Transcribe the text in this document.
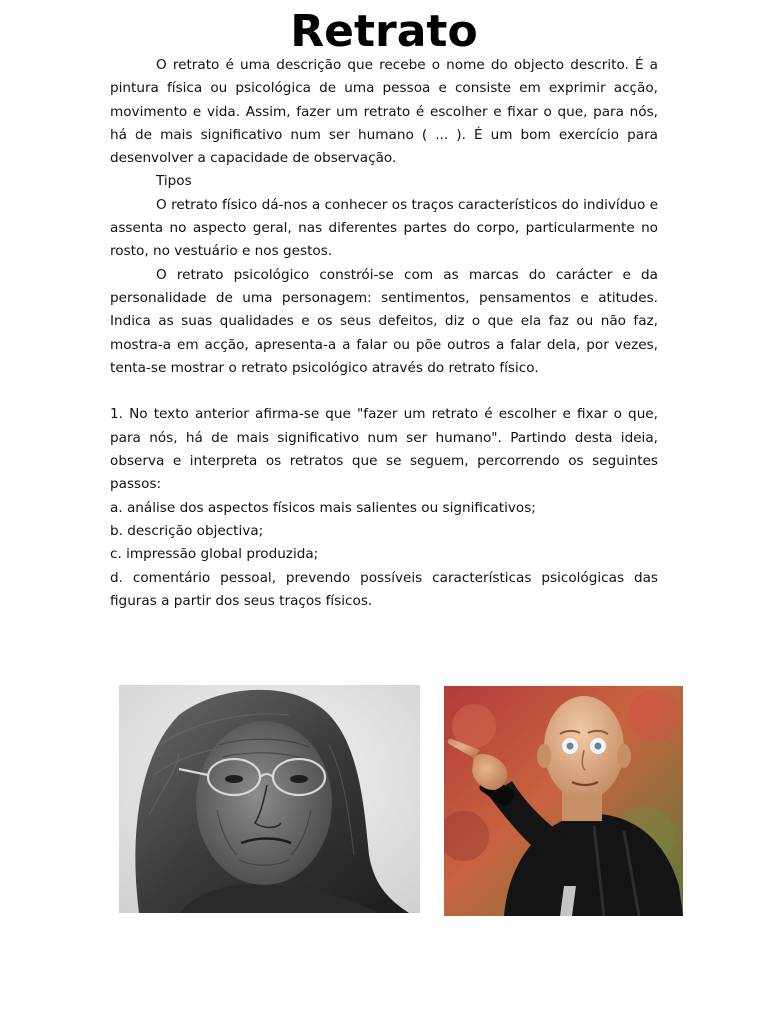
Retrato

O retrato é uma descrição que recebe o nome do objecto descrito. É a pintura física ou psicológica de uma pessoa e consiste em exprimir acção, movimento e vida. Assim, fazer um retrato é escolher e fixar o que, para nós, há de mais significativo num ser humano ( ... ). É um bom exercício para desenvolver a capacidade de observação.

Tipos

O retrato físico dá-nos a conhecer os traços característicos do indivíduo e assenta no aspecto geral, nas diferentes partes do corpo, particularmente no rosto, no vestuário e nos gestos.

O retrato psicológico constrói-se com as marcas do carácter e da personalidade de uma personagem: sentimentos, pensamentos e atitudes. Indica as suas qualidades e os seus defeitos, diz o que ela faz ou não faz, mostra-a em acção, apresenta-a a falar ou põe outros a falar dela, por vezes, tenta-se mostrar o retrato psicológico através do retrato físico.

1. No texto anterior afirma-se que "fazer um retrato é escolher e fixar o que, para nós, há de mais significativo num ser humano". Partindo desta ideia, observa e interpreta os retratos que se seguem, percorrendo os seguintes passos:

a. análise dos aspectos físicos mais salientes ou significativos;

b. descrição objectiva;

c. impressão global produzida;

d. comentário pessoal, prevendo possíveis características psicológicas das figuras a partir dos seus traços físicos.
